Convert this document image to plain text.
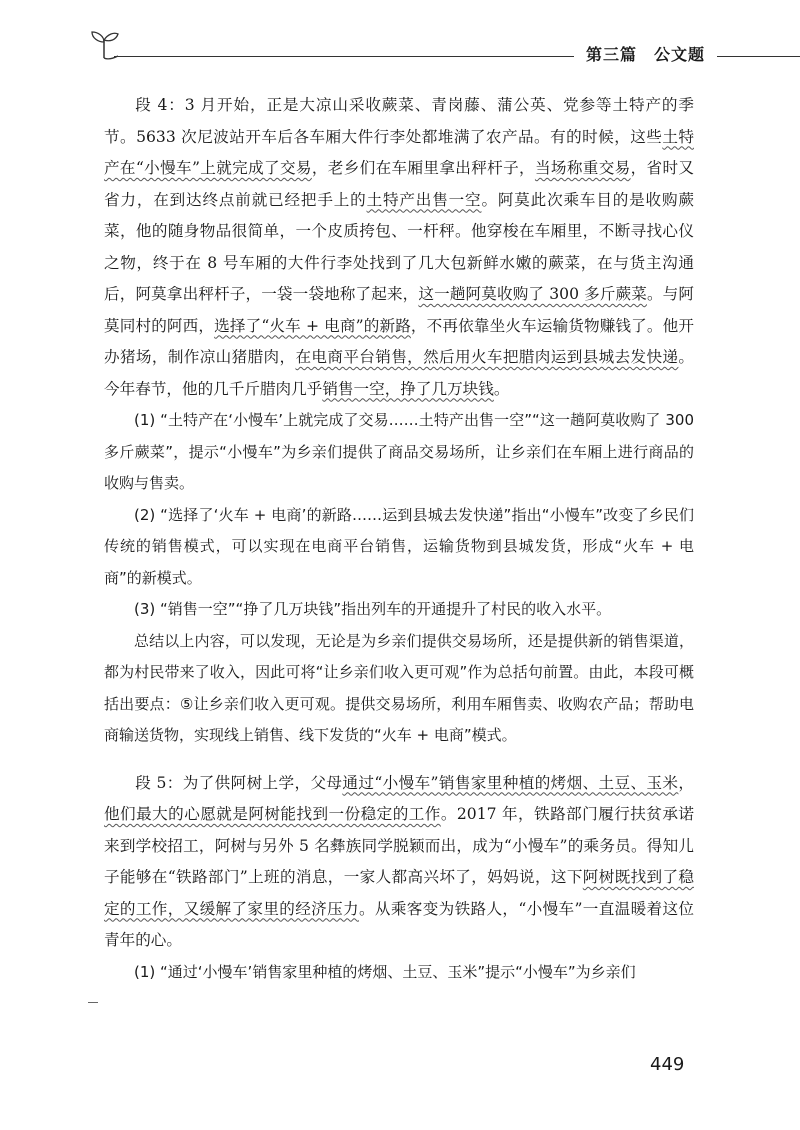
第三篇　公文题

段 4：3 月开始，正是大凉山采收蕨菜、青岗藤、蒲公英、党参等土特产的季节。5633 次尼波站开车后各车厢大件行李处都堆满了农产品。有的时候，这些土特产在“小慢车”上就完成了交易，老乡们在车厢里拿出秤杆子，当场称重交易，省时又省力，在到达终点前就已经把手上的土特产出售一空。阿莫此次乘车目的是收购蕨菜，他的随身物品很简单，一个皮质挎包、一杆秤。他穿梭在车厢里，不断寻找心仪之物，终于在 8 号车厢的大件行李处找到了几大包新鲜水嫩的蕨菜，在与货主沟通后，阿莫拿出秤杆子，一袋一袋地称了起来，这一趟阿莫收购了 300 多斤蕨菜。与阿莫同村的阿西，选择了“火车 + 电商”的新路，不再依靠坐火车运输货物赚钱了。他开办猪场，制作凉山猪腊肉，在电商平台销售，然后用火车把腊肉运到县城去发快递。今年春节，他的几千斤腊肉几乎销售一空，挣了几万块钱。

(1) “土特产在‘小慢车’上就完成了交易……土特产出售一空”“这一趟阿莫收购了 300 多斤蕨菜”，提示“小慢车”为乡亲们提供了商品交易场所，让乡亲们在车厢上进行商品的收购与售卖。

(2) “选择了‘火车 + 电商’的新路……运到县城去发快递”指出“小慢车”改变了乡民们传统的销售模式，可以实现在电商平台销售，运输货物到县城发货，形成“火车 + 电商”的新模式。

(3) “销售一空”“挣了几万块钱”指出列车的开通提升了村民的收入水平。

总结以上内容，可以发现，无论是为乡亲们提供交易场所，还是提供新的销售渠道，都为村民带来了收入，因此可将“让乡亲们收入更可观”作为总括句前置。由此，本段可概括出要点：⑤让乡亲们收入更可观。提供交易场所，利用车厢售卖、收购农产品；帮助电商输送货物，实现线上销售、线下发货的“火车 + 电商”模式。

段 5：为了供阿树上学，父母通过“小慢车”销售家里种植的烤烟、土豆、玉米，他们最大的心愿就是阿树能找到一份稳定的工作。2017 年，铁路部门履行扶贫承诺来到学校招工，阿树与另外 5 名彝族同学脱颖而出，成为“小慢车”的乘务员。得知儿子能够在“铁路部门”上班的消息，一家人都高兴坏了，妈妈说，这下阿树既找到了稳定的工作，又缓解了家里的经济压力。从乘客变为铁路人，“小慢车”一直温暖着这位青年的心。

(1) “通过‘小慢车’销售家里种植的烤烟、土豆、玉米”提示“小慢车”为乡亲们

449
